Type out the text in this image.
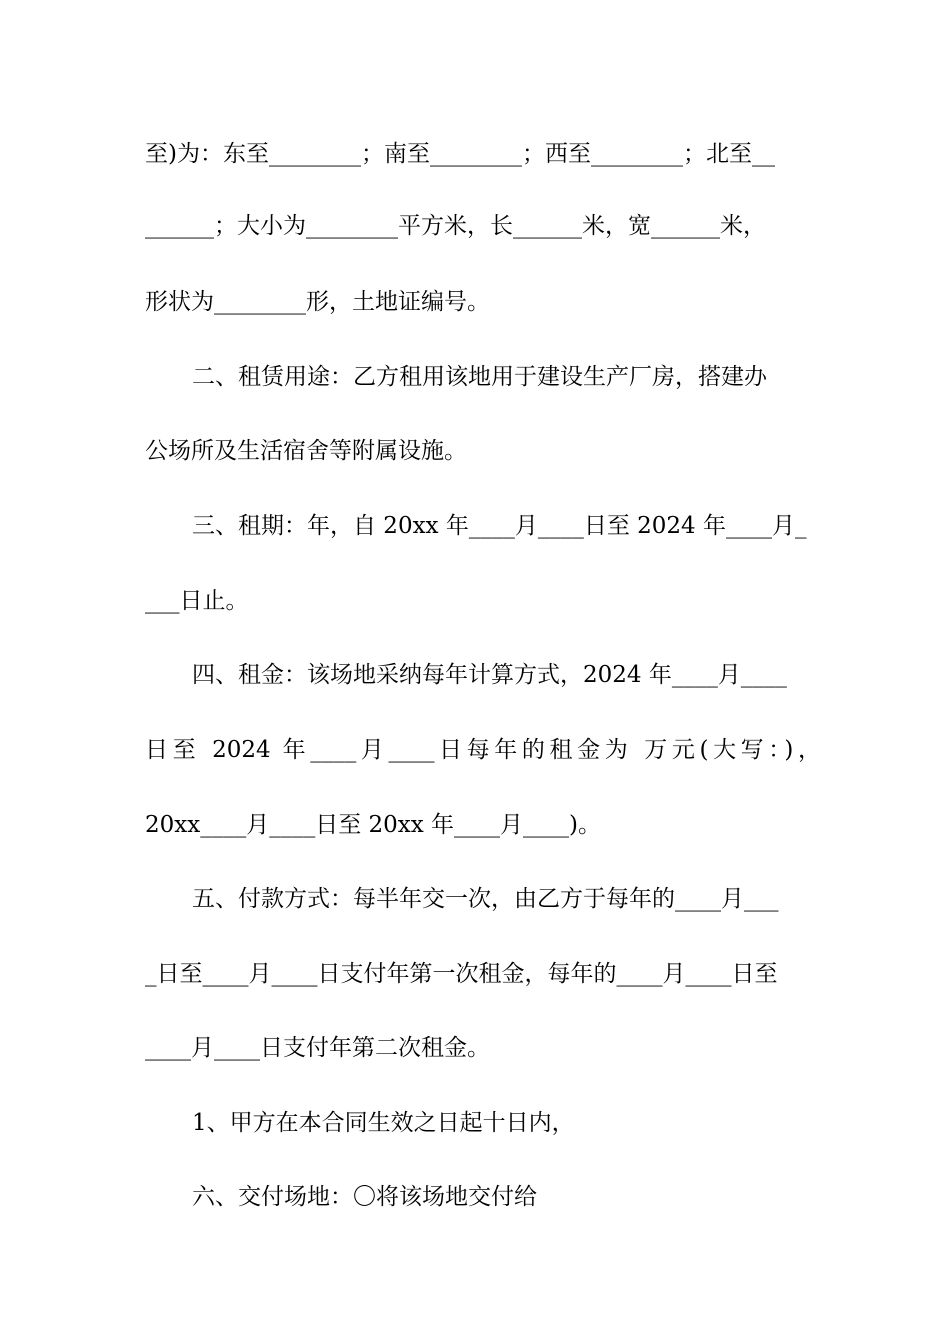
至)为：东至________；南至________；西至________；北至__
______；大小为________平方米，长______米，宽______米，
形状为________形，土地证编号。
二、租赁用途：乙方租用该地用于建设生产厂房，搭建办
公场所及生活宿舍等附属设施。
三、租期：年，自 20xx 年____月____日至 2024 年____月_
___日止。
四、租金：该场地采纳每年计算方式，2024 年____月____
日至 2024 年____月____日每年的租金为 万元(大写：)，
20xx____月____日至 20xx 年____月____)。
五、付款方式：每半年交一次，由乙方于每年的____月___
_日至____月____日支付年第一次租金，每年的____月____日至
____月____日支付年第二次租金。
1、甲方在本合同生效之日起十日内，
六、交付场地：〇将该场地交付给
